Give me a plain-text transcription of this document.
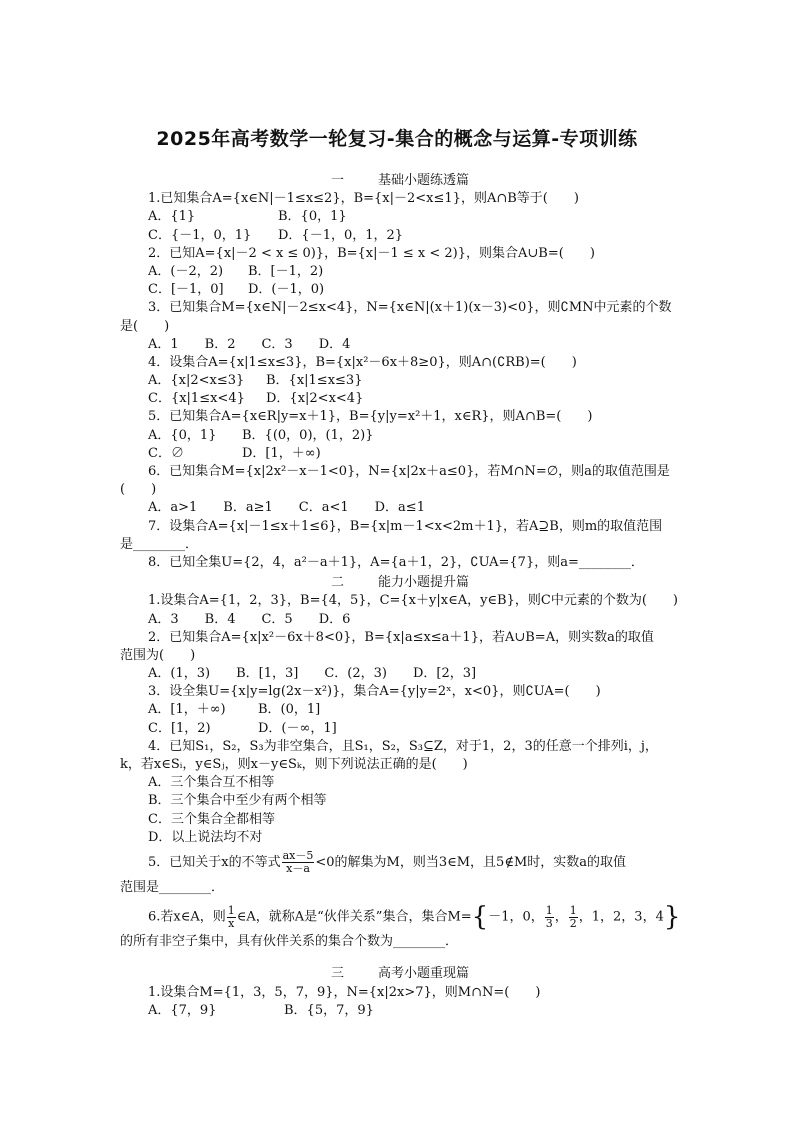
2025年高考数学一轮复习-集合的概念与运算-专项训练
一	基础小题练透篇
1.已知集合A={x∈N|－1≤x≤2}，B={x|－2<x≤1}，则A∩B等于(　　)
A．{1}	B．{0，1}
C．{－1，0，1} D．{－1，0，1，2}
2．已知A={x|－2 < x ≤ 0)}，B={x|－1 ≤ x < 2)}，则集合A∪B=(　　)
A．(－2，2) B．[－1，2)
C．[－1，0] D．(－1，0)
3．已知集合M={x∈N|－2≤x<4}，N={x∈N|(x＋1)(x－3)<0}，则∁MN中元素的个数
是(　　)
A．1　　B．2　　C．3　　D．4
4．设集合A={x|1≤x≤3}，B={x|x²－6x＋8≥0}，则A∩(∁RB)=(　　)
A．{x|2<x≤3} B．{x|1≤x≤3}
C．{x|1≤x<4} D．{x|2<x<4}
5．已知集合A={x∈R|y=x＋1}，B={y|y=x²＋1，x∈R}，则A∩B=(　　)
A．{0，1} B．{(0，0)，(1，2)}
C．∅	D．[1，＋∞)
6．已知集合M={x|2x²－x－1<0}，N={x|2x＋a≤0}，若M∩N=∅，则a的取值范围是
(　　)
A．a>1　　B．a≥1　　C．a<1　　D．a≤1
7．设集合A={x|－1≤x＋1≤6}，B={x|m－1<x<2m＋1}，若A⊇B，则m的取值范围
是________．
8．已知全集U={2，4，a²－a＋1}，A={a＋1，2}，∁UA={7}，则a=________．
二	能力小题提升篇
1.设集合A={1，2，3}，B={4，5}，C={x＋y|x∈A，y∈B}，则C中元素的个数为(　　)
A．3　　B．4　　C．5　　D．6
2．已知集合A={x|x²－6x＋8<0}，B={x|a≤x≤a＋1}，若A∪B=A，则实数a的取值
范围为(　　)
A．(1，3)　　B．[1，3]　　C．(2，3)　　D．[2，3]
3．设全集U={x|y=lg(2x－x²)}，集合A={y|y=2ˣ，x<0}，则∁UA=(　　)
A．[1，＋∞) B．(0，1]
C．[1，2)	D．(－∞，1]
4．已知S₁，S₂，S₃为非空集合，且S₁，S₂，S₃⊆Z，对于1，2，3的任意一个排列i，j，
k，若x∈Sᵢ，y∈Sⱼ，则x－y∈Sₖ，则下列说法正确的是(　　)
A．三个集合互不相等
B．三个集合中至少有两个相等
C．三个集合全都相等
D．以上说法均不对
5．已知关于x的不等式 $\frac{ax-5}{x-a} <0$的解集为M，则当3∈M，且5∉M时，实数a的取值
范围是________．
6.若x∈A，则 $\frac{1}{x}$ ∈A，就称A是“伙伴关系”集合，集合M={－1，0， $\frac{1}{3}$ ， $\frac{1}{2}$ ，1，2，3，4}
的所有非空子集中，具有伙伴关系的集合个数为________．
三	高考小题重现篇
1.设集合M={1，3，5，7，9}，N={x|2x>7}，则M∩N=(　　)
A．{7，9}	B．{5，7，9}
